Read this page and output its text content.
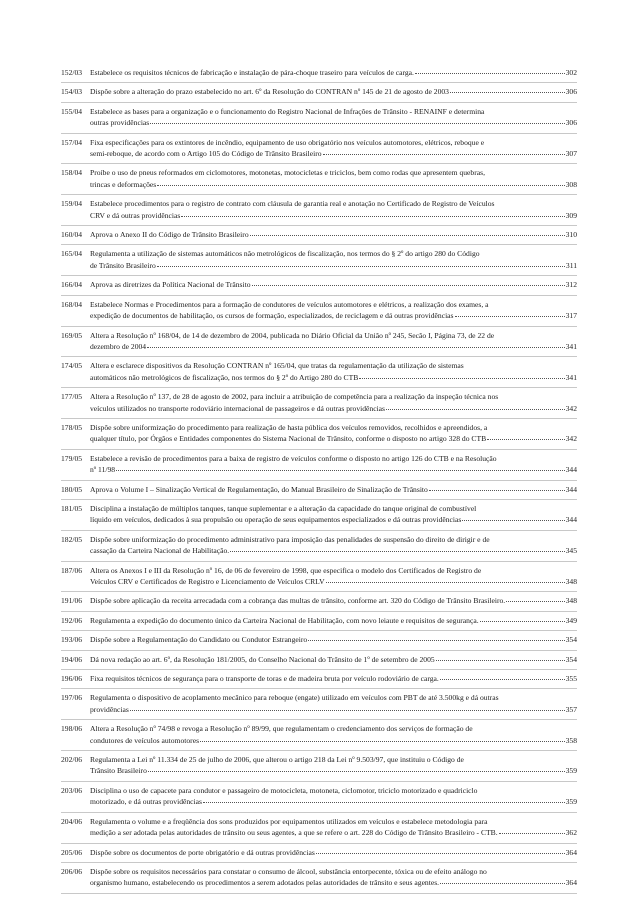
152/03	Estabelece os requisitos técnicos de fabricação e instalação de pára-choque traseiro para veículos de carga.	302
154/03	Dispõe sobre a alteração do prazo estabelecido no art. 6º da Resolução do CONTRAN nº 145 de 21 de agosto de 2003	306
155/04	Estabelece as bases para a organização e o funcionamento do Registro Nacional de Infrações de Trânsito - RENAINF e determina
outras providências	306
157/04	Fixa especificações para os extintores de incêndio, equipamento de uso obrigatório nos veículos automotores, elétricos, reboque e
semi-reboque, de acordo com o Artigo 105 do Código de Trânsito Brasileiro	307
158/04	Proíbe o uso de pneus reformados em ciclomotores, motonetas, motocicletas e triciclos, bem como rodas que apresentem quebras,
trincas e deformações	308
159/04	Estabelece procedimentos para o registro de contrato com cláusula de garantia real e anotação no Certificado de Registro de Veículos
CRV e dá outras providências	309
160/04	Aprova o Anexo II do Código de Trânsito Brasileiro	310
165/04	Regulamenta a utilização de sistemas automáticos não metrológicos de fiscalização, nos termos do § 2º do artigo 280 do Código
de Trânsito Brasileiro	311
166/04	Aprova as diretrizes da Política Nacional de Trânsito	312
168/04	Estabelece Normas e Procedimentos para a formação de condutores de veículos automotores e elétricos, a realização dos exames, a
expedição de documentos de habilitação, os cursos de formação, especializados, de reciclagem e dá outras providências	317
169/05	Altera a Resolução nº 168/04, de 14 de dezembro de 2004, publicada no Diário Oficial da União nº 245, Secão I, Página 73, de 22 de
dezembro de 2004	341
174/05	Altera e esclarece dispositivos da Resolução CONTRAN nº 165/04, que tratas da regulamentação da utilização de sistemas
automáticos não metrológicos de fiscalização, nos termos do § 2º do Artigo 280 do CTB	341
177/05	Altera a Resolução nº 137, de 28 de agosto de 2002, para incluir a atribuição de competência para a realização da inspeção técnica nos
veículos utilizados no transporte rodoviário internacional de passageiros e dá outras providências	342
178/05	Dispõe sobre uniformização do procedimento para realização de hasta pública dos veículos removidos, recolhidos e apreendidos, a
qualquer título, por Órgãos e Entidades componentes do Sistema Nacional de Trânsito, conforme o disposto no artigo 328 do CTB	342
179/05	Estabelece a revisão de procedimentos para a baixa de registro de veículos conforme o disposto no artigo 126 do CTB e na Resolução
nº 11/98	344
180/05	Aprova o Volume I – Sinalização Vertical de Regulamentação, do Manual Brasileiro de Sinalização de Trânsito	344
181/05	Disciplina a instalação de múltiplos tanques, tanque suplementar e a alteração da capacidade do tanque original de combustível
líquido em veículos, dedicados à sua propulsão ou operação de seus equipamentos especializados e dá outras providências	344
182/05	Dispõe sobre uniformização do procedimento administrativo para imposição das penalidades de suspensão do direito de dirigir e de
cassação da Carteira Nacional de Habilitação.	345
187/06	Altera os Anexos I e III da Resolução nº 16, de 06 de fevereiro de 1998, que especifica o modelo dos Certificados de Registro de
Veículos CRV e Certificados de Registro e Licenciamento de Veículos CRLV	348
191/06	Dispõe sobre aplicação da receita arrecadada com a cobrança das multas de trânsito, conforme art. 320 do Código de Trânsito Brasileiro.	348
192/06	Regulamenta a expedição do documento único da Carteira Nacional de Habilitação, com novo leiaute e requisitos de segurança.	349
193/06	Dispõe sobre a Regulamentação do Candidato ou Condutor Estrangeiro	354
194/06	Dá nova redação ao art. 6º, da Resolução 181/2005, do Conselho Nacional do Trânsito de 1º de setembro de 2005	354
196/06	Fixa requisitos técnicos de segurança para o transporte de toras e de madeira bruta por veículo rodoviário de carga.	355
197/06	Regulamenta o dispositivo de acoplamento mecânico para reboque (engate) utilizado em veículos com PBT de até 3.500kg e dá outras
providências	357
198/06	Altera a Resolução nº 74/98 e revoga a Resolução nº 89/99, que regulamentam o credenciamento dos serviços de formação de
condutores de veículos automotores	358
202/06	Regulamenta a Lei nº 11.334 de 25 de julho de 2006, que alterou o artigo 218 da Lei nº 9.503/97, que instituiu o Código de
Trânsito Brasileiro	359
203/06	Disciplina o uso de capacete para condutor e passageiro de motocicleta, motoneta, ciclomotor, triciclo motorizado e quadriciclo
motorizado, e dá outras providências	359
204/06	Regulamenta o volume e a freqüência dos sons produzidos por equipamentos utilizados em veículos e estabelece metodologia para
medição a ser adotada pelas autoridades de trânsito ou seus agentes, a que se refere o art. 228 do Código de Trânsito Brasileiro - CTB.	362
205/06	Dispõe sobre os documentos de porte obrigatório e dá outras providências	364
206/06	Dispõe sobre os requisitos necessários para constatar o consumo de álcool, substância entorpecente, tóxica ou de efeito análogo no
organismo humano, estabelecendo os procedimentos a serem adotados pelas autoridades de trânsito e seus agentes.	364
